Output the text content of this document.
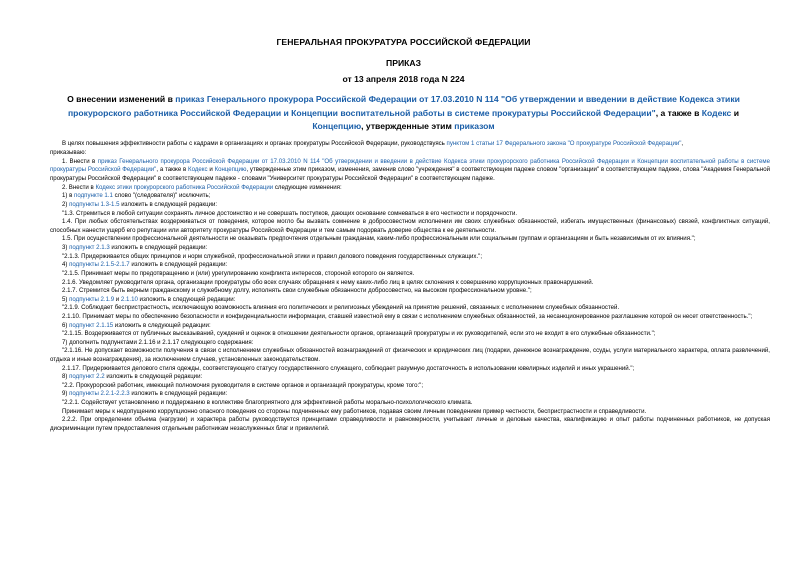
ГЕНЕРАЛЬНАЯ ПРОКУРАТУРА РОССИЙСКОЙ ФЕДЕРАЦИИ
ПРИКАЗ
от 13 апреля 2018 года N 224
О внесении изменений в приказ Генерального прокурора Российской Федерации от 17.03.2010 N 114 "Об утверждении и введении в действие Кодекса этики прокурорского работника Российской Федерации и Концепции воспитательной работы в системе прокуратуры Российской Федерации", а также в Кодекс и Концепцию, утвержденные этим приказом

В целях повышения эффективности работы с кадрами в организациях и органах прокуратуры Российской Федерации, руководствуясь пунктом 1 статьи 17 Федерального закона "О прокуратуре Российской Федерации",

приказываю:

1. Внести в приказ Генерального прокурора Российской Федерации от 17.03.2010 N 114 "Об утверждении и введении в действие Кодекса этики прокурорского работника Российской Федерации и Концепции воспитательной работы в системе прокуратуры Российской Федерации", а также в Кодекс и Концепцию, утвержденные этим приказом, изменения, заменив слово "учреждения" в соответствующем падеже словом "организации" в соответствующем падеже, слова "Академия Генеральной прокуратуры Российской Федерации" в соответствующем падеже - словами "Университет прокуратуры Российской Федерации" в соответствующем падеже.

2. Внести в Кодекс этики прокурорского работника Российской Федерации следующие изменения:

1) в подпункте 1.1 слово "(следователя)" исключить;

2) подпункты 1.3-1.5 изложить в следующей редакции:

"1.3. Стремиться в любой ситуации сохранять личное достоинство и не совершать поступков, дающих основание сомневаться в его честности и порядочности.

1.4. При любых обстоятельствах воздерживаться от поведения, которое могло бы вызвать сомнение в добросовестном исполнении им своих служебных обязанностей, избегать имущественных (финансовых) связей, конфликтных ситуаций, способных нанести ущерб его репутации или авторитету прокуратуры Российской Федерации и тем самым подорвать доверие общества к ее деятельности.

1.5. При осуществлении профессиональной деятельности не оказывать предпочтения отдельным гражданам, каким-либо профессиональным или социальным группам и организациям и быть независимым от их влияния.";

3) подпункт 2.1.3 изложить в следующей редакции:

"2.1.3. Придерживается общих принципов и норм служебной, профессиональной этики и правил делового поведения государственных служащих.";

4) подпункты 2.1.5-2.1.7 изложить в следующей редакции:

"2.1.5. Принимает меры по предотвращению и (или) урегулированию конфликта интересов, стороной которого он является.

2.1.6. Уведомляет руководителя органа, организации прокуратуры обо всех случаях обращения к нему каких-либо лиц в целях склонения к совершению коррупционных правонарушений.

2.1.7. Стремится быть верным гражданскому и служебному долгу, исполнять свои служебные обязанности добросовестно, на высоком профессиональном уровне.";

5) подпункты 2.1.9 и 2.1.10 изложить в следующей редакции:

"2.1.9. Соблюдает беспристрастность, исключающую возможность влияния его политических и религиозных убеждений на принятие решений, связанных с исполнением служебных обязанностей.

2.1.10. Принимает меры по обеспечению безопасности и конфиденциальности информации, ставшей известной ему в связи с исполнением служебных обязанностей, за несанкционированное разглашение которой он несет ответственность.";

6) подпункт 2.1.15 изложить в следующей редакции:

"2.1.15. Воздерживается от публичных высказываний, суждений и оценок в отношении деятельности органов, организаций прокуратуры и их руководителей, если это не входит в его служебные обязанности.";

7) дополнить подпунктами 2.1.16 и 2.1.17 следующего содержания:

"2.1.16. Не допускает возможности получения в связи с исполнением служебных обязанностей вознаграждений от физических и юридических лиц (подарки, денежное вознаграждение, ссуды, услуги материального характера, оплата развлечений, отдыха и иные вознаграждения), за исключением случаев, установленных законодательством.

2.1.17. Придерживается делового стиля одежды, соответствующего статусу государственного служащего, соблюдает разумную достаточность в использовании ювелирных изделий и иных украшений.";

8) подпункт 2.2 изложить в следующей редакции:

"2.2. Прокурорский работник, имеющий полномочия руководителя в системе органов и организаций прокуратуры, кроме того:";

9) подпункты 2.2.1-2.2.3 изложить в следующей редакции:

"2.2.1. Содействует установлению и поддержанию в коллективе благоприятного для эффективной работы морально-психологического климата.

Принимает меры к недопущению коррупционно опасного поведения со стороны подчиненных ему работников, подавая своим личным поведением пример честности, беспристрастности и справедливости.

2.2.2. При определении объема (нагрузки) и характера работы руководствуется принципами справедливости и равномерности, учитывает личные и деловые качества, квалификацию и опыт работы подчиненных работников, не допуская дискриминации путем предоставления отдельным работникам незаслуженных благ и привилегий.
